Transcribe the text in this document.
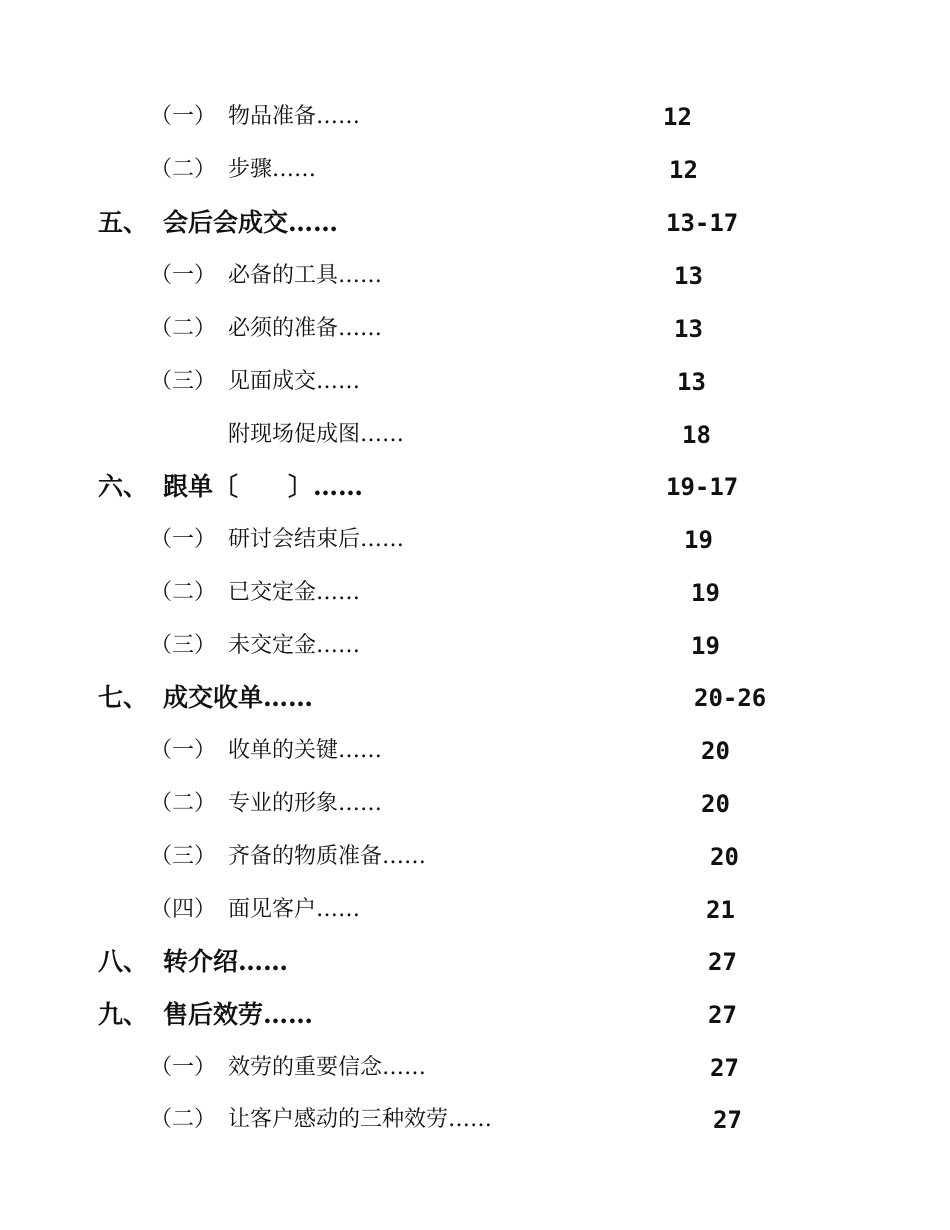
（一） 物品准备……	12
（二） 步骤……	12
五、 会后会成交……	13-17
（一） 必备的工具……	13
（二） 必须的准备……	13
（三） 见面成交……	13
附现场促成图……	18
六、 跟单〔　　〕……	19-17
（一） 研讨会结束后……	19
（二） 已交定金……	19
（三） 未交定金……	19
七、 成交收单……	20-26
（一） 收单的关键……	20
（二） 专业的形象……	20
（三） 齐备的物质准备……	20
（四） 面见客户……	21
八、 转介绍……	27
九、 售后效劳……	27
（一） 效劳的重要信念……	27
（二） 让客户感动的三种效劳……	27
